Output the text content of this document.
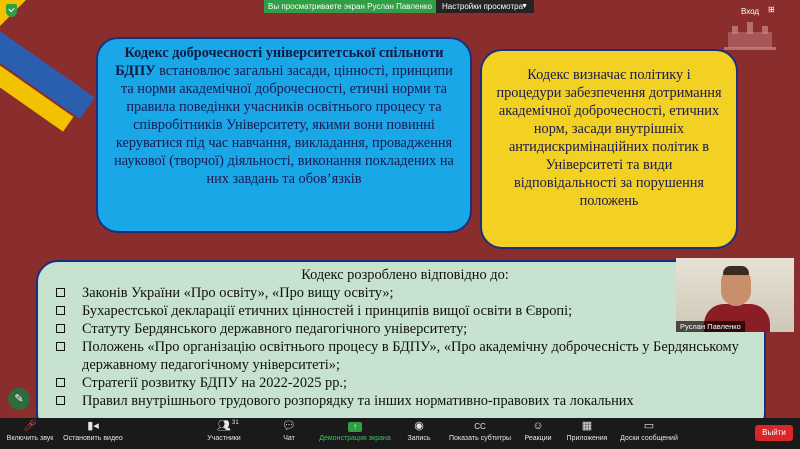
Кодекс доброчесності університетської спільноти БДПУ встановлює загальні засади, цінності, принципи та норми академічної доброчесності, етичні норми та правила поведінки учасників освітнього процесу та співробітників Університету, якими вони повинні керуватися під час навчання, викладання, провадження наукової (творчої) діяльності, виконання покладених на них завдань та обов’язків
Кодекс визначає політику і процедури забезпечення дотримання академічної доброчесності, етичних норм, засади внутрішніх антидискримінаційних політик в Університеті та види відповідальності за порушення положень
Кодекс розроблено відповідно до:
Законів України «Про освіту», «Про вищу освіту»;
Бухарестської декларації етичних цінностей і принципів вищої освіти в Європі;
Статуту Бердянського державного педагогічного університету;
Положень «Про організацію освітнього процесу в БДПУ», «Про академічну доброчесність у Бердянському державному педагогічному університеті»;
Стратегії розвитку БДПУ на 2022-2025 рр.;
Правил внутрішнього трудового розпорядку та інших нормативно-правових та локальних
Вы просматриваете экран Руслан Павленко	Настройки просмотра
▼
Вход ⊞
Руслан Павленко
✎
🎤︎
Включить звук
▮◂
Остановить видео
👥︎ 31
Участники
💬︎
Чат
↑
Демонстрация экрана
◉
Запись
CC
Показать субтитры
☺
Реакции
▦
Приложения
▭
Доски сообщений
Выйти
